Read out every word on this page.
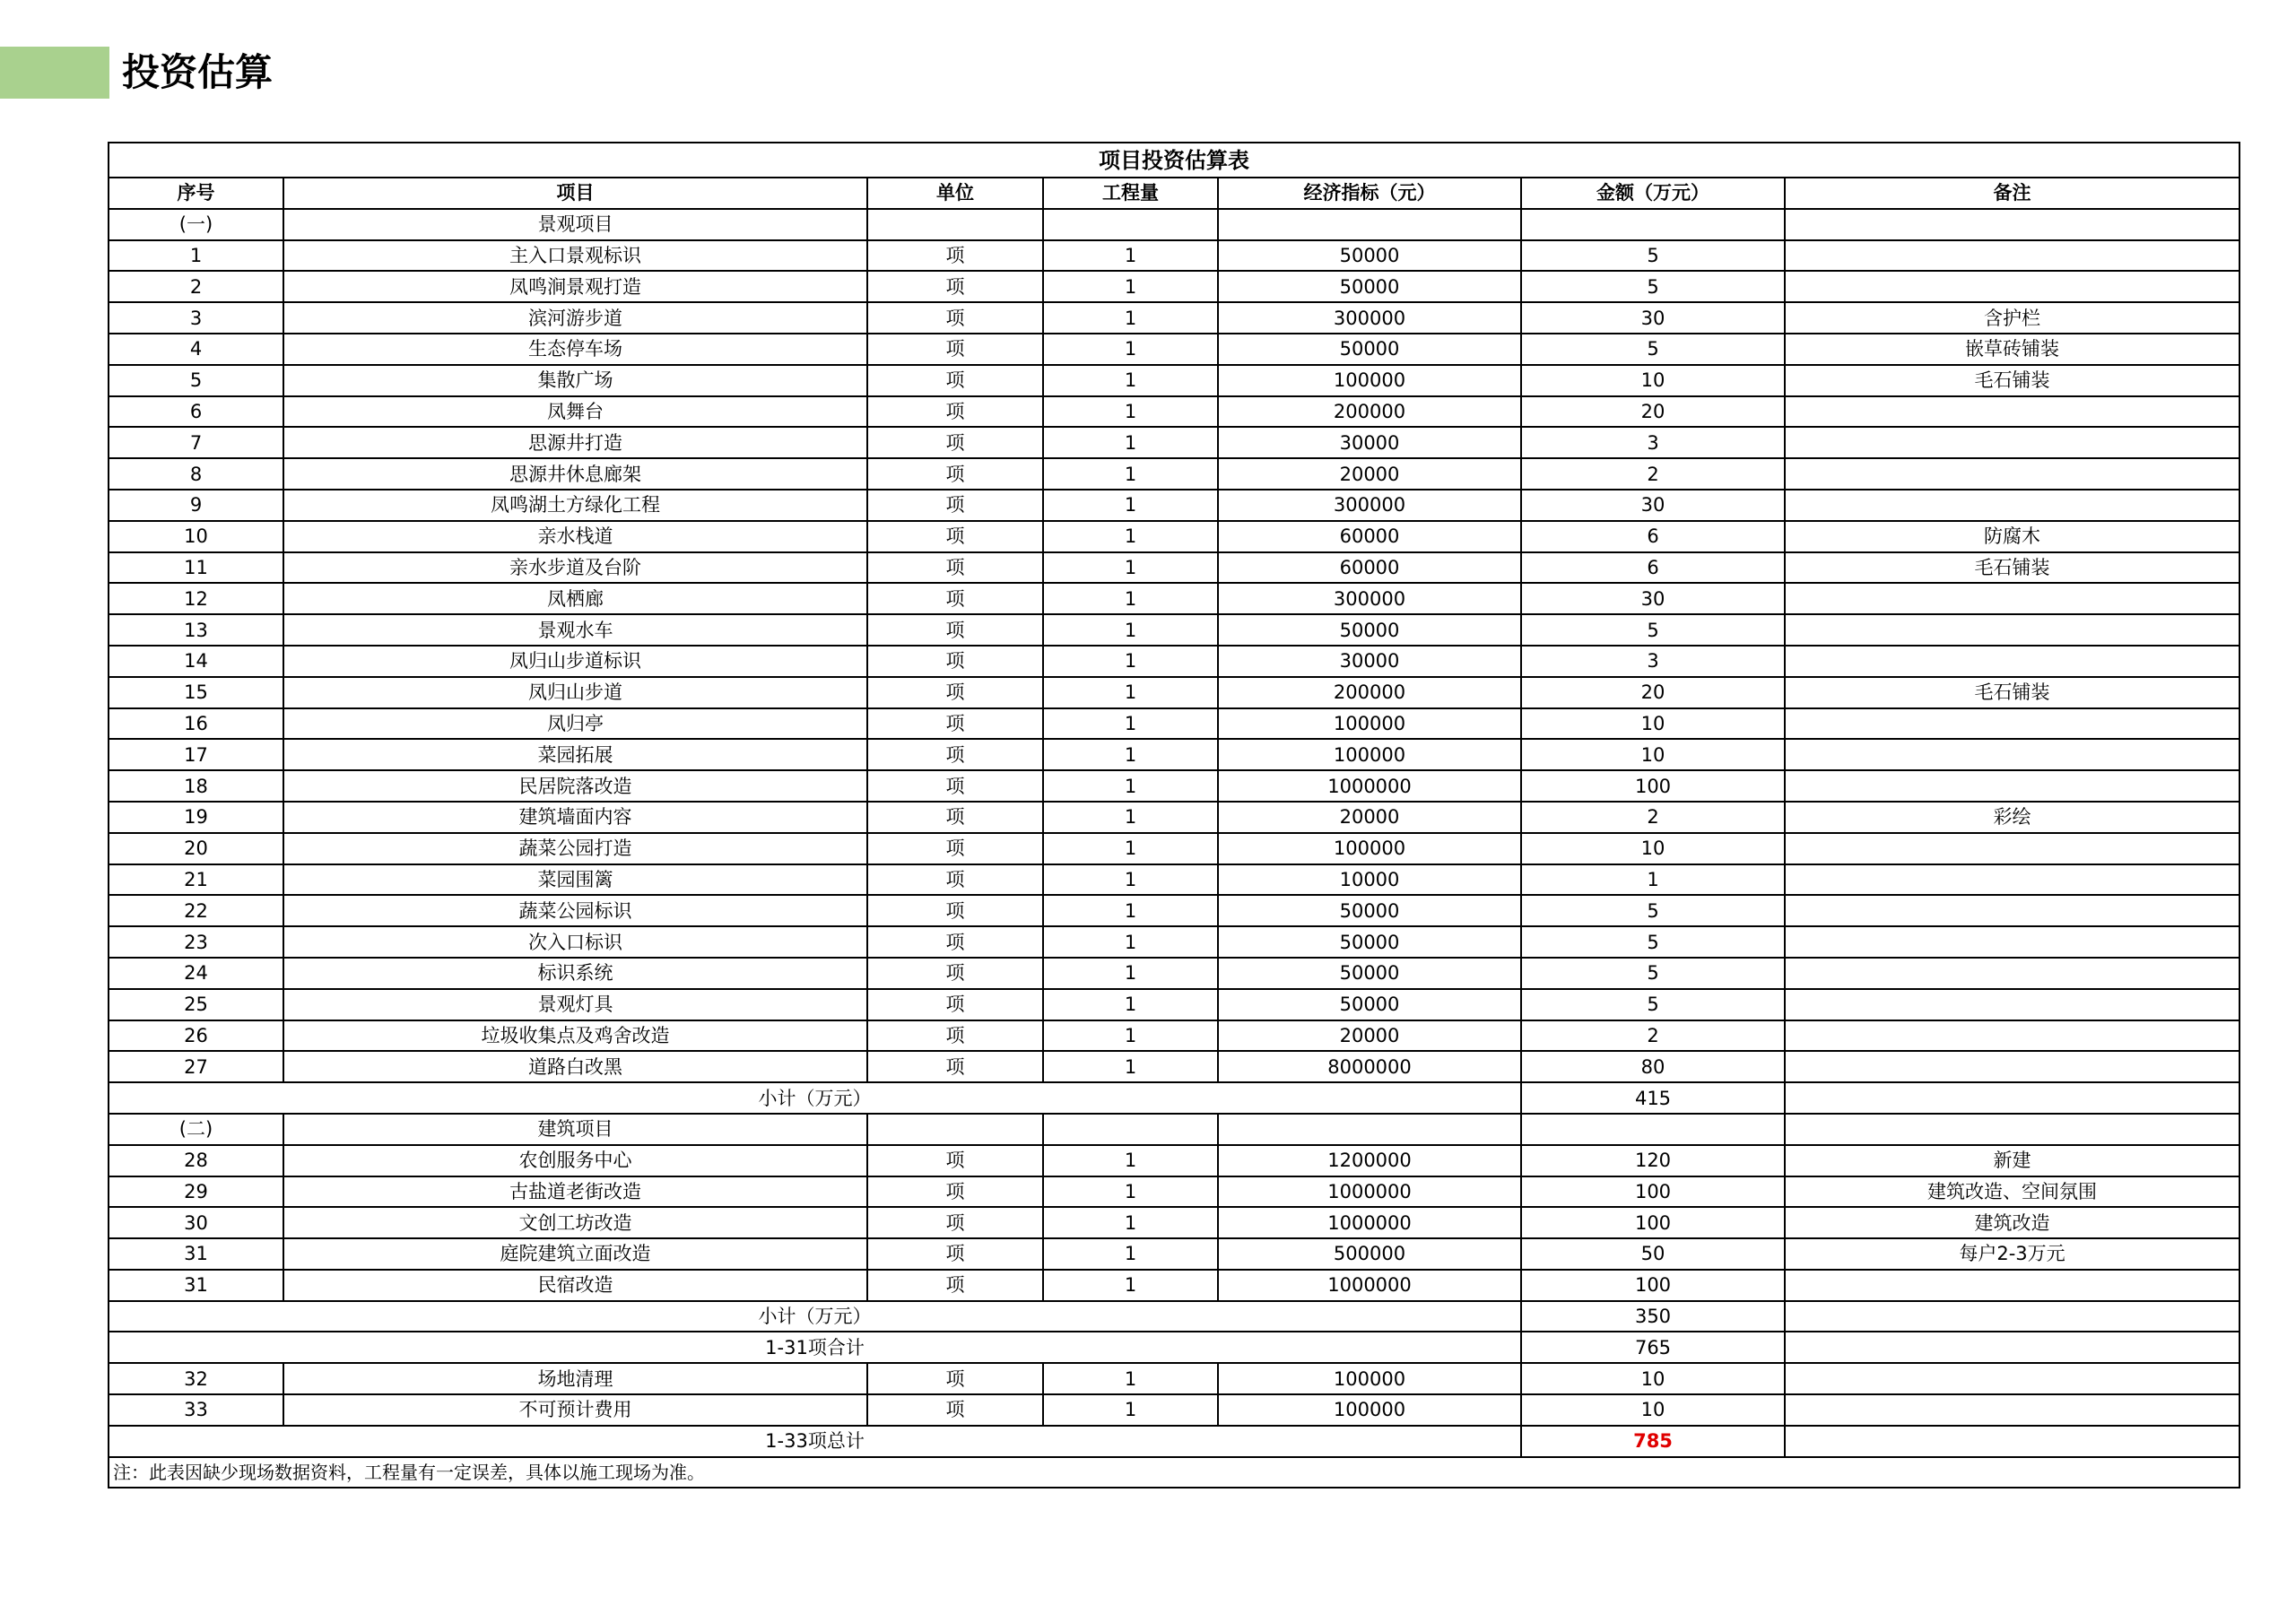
投资估算
项目投资估算表						
序号	项目	单位	工程量	经济指标（元）	金额（万元）	备注
(一)	景观项目					
1	主入口景观标识	项	1	50000	5	
2	凤鸣涧景观打造	项	1	50000	5	
3	滨河游步道	项	1	300000	30	含护栏
4	生态停车场	项	1	50000	5	嵌草砖铺装
5	集散广场	项	1	100000	10	毛石铺装
6	凤舞台	项	1	200000	20	
7	思源井打造	项	1	30000	3	
8	思源井休息廊架	项	1	20000	2	
9	凤鸣湖土方绿化工程	项	1	300000	30	
10	亲水栈道	项	1	60000	6	防腐木
11	亲水步道及台阶	项	1	60000	6	毛石铺装
12	凤栖廊	项	1	300000	30	
13	景观水车	项	1	50000	5	
14	凤归山步道标识	项	1	30000	3	
15	凤归山步道	项	1	200000	20	毛石铺装
16	凤归亭	项	1	100000	10	
17	菜园拓展	项	1	100000	10	
18	民居院落改造	项	1	1000000	100	
19	建筑墙面内容	项	1	20000	2	彩绘
20	蔬菜公园打造	项	1	100000	10	
21	菜园围篱	项	1	10000	1	
22	蔬菜公园标识	项	1	50000	5	
23	次入口标识	项	1	50000	5	
24	标识系统	项	1	50000	5	
25	景观灯具	项	1	50000	5	
26	垃圾收集点及鸡舍改造	项	1	20000	2	
27	道路白改黑	项	1	8000000	80	
小计（万元）					415	
(二)	建筑项目					
28	农创服务中心	项	1	1200000	120	新建
29	古盐道老街改造	项	1	1000000	100	建筑改造、空间氛围
30	文创工坊改造	项	1	1000000	100	建筑改造
31	庭院建筑立面改造	项	1	500000	50	每户2-3万元
31	民宿改造	项	1	1000000	100	
小计（万元）					350	
1-31项合计					765	
32	场地清理	项	1	100000	10	
33	不可预计费用	项	1	100000	10	
1-33项总计					785	
注：此表因缺少现场数据资料，工程量有一定误差，具体以施工现场为准。						
